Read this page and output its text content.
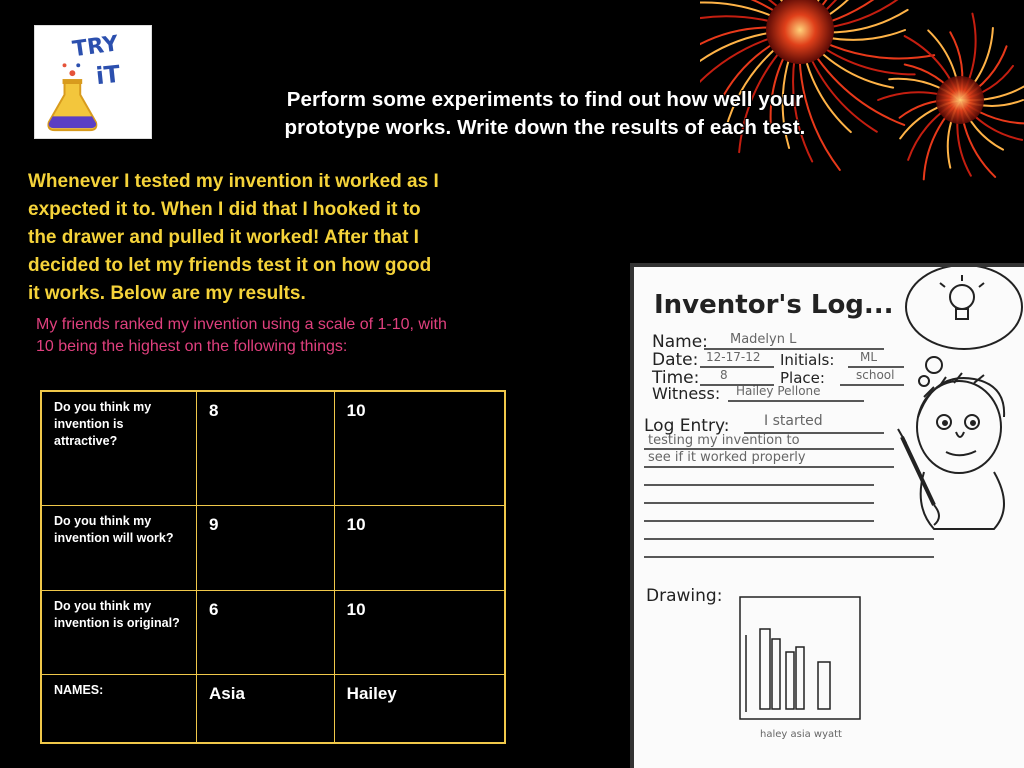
TRY
iT
Perform some experiments to find out how well your
prototype works. Write down the results of each test.
Whenever I tested my invention it worked as I
expected it to. When I did that I hooked it to
the drawer and pulled it worked! After that I
decided to let my friends test it on how good
it works. Below are my results.
My friends ranked my invention using a scale of 1-10, with
10 being the highest on the following things:
Do you think my invention is attractive?	8	10
Do you think my invention will work?	9	10
Do you think my invention is original?	6	10
NAMES:	Asia	Hailey
Inventor's Log...
Name: Madelyn L
Date: 12-17-12 Initials: ML
Time: 8	Place:	school
Witness: Hailey Pellone
Log Entry: I started
testing my invention to
see if it worked properly
Drawing:
haley asia wyatt
